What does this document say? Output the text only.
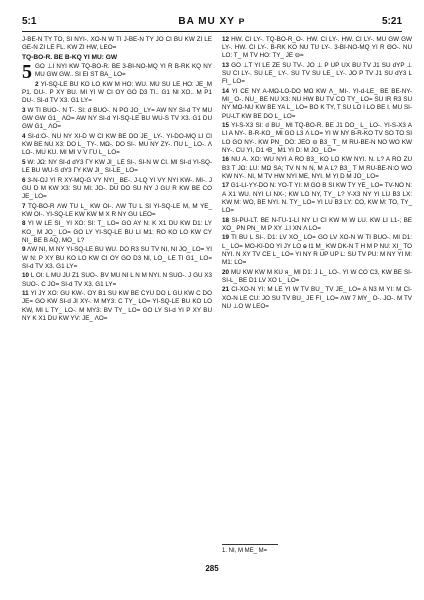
5:1	BA MU XY ᴘ	5:21

J-BE-N TY TO, SI NYI-. XO-N W TI J-BE-N TY JO CI BU KW ZI LE GE-N ZI LE FL. KW ZI HW, LEO=

TQ-BO-R. BE B-KQ YI MU: GW

5 GO ⊥I NYI KW TQ-BO-R. BE 3-BI-NO-MQ YI R B-RK KQ NY MU GW GW.. SI EI ST BA_ LO=

2 YI-SQ-LE BU KO LO KW M HO: WU. MU SU LE HO: JE_M P1. DU-. P XY BU. MI YI W CI OY GO D3 TI.. G1 NI XO.. M P1 DU-. SI-d TV X3. G1 LY=

3 W TI BUO-. N T-. SI: d BUO-. N PO JO_ LY= AW NY SI-d TY MU GW GW G1_ ΛO= AW NY SI-d YI-SQ-LE BU WU-S TV X3. G1 DU GW G1_ ΛO=

4 SI-d:O-. NU NY XI-D W CI KW BE DO JE_ LY-. YI-DO-MQ LI CI KW BE NU X3: DO L_ TY-. MΩ-. DO SI-. MU NY ZY-. ΠU L_ LO-. Λ LO-. MU KU. MI MI V V ΓU L_ LO=

5 W: JΩ: NY SI-d dY3 ΓY KW JI_ LE SI-. SI-N W CI. MI SI-d YI-SQ-LE BU WU-S dY3 ΓY KW JI_ SI-LE_ LO=

6 3-N-OJ YI R XY-MQ-G VY NYI_ BE-. J-LQ YI VY NYI KW-. MI-. J GU D M KW X3: SU MI: JO-. DU DO SU NY J GU R KW BE CO JE_ LO=

7 TQ-BO-R ΛW TU L_ KW OI-. ΛW TU L SI YI-SQ-LE M, M YE_ KW OI-. YI-SQ-LE KW KW M X R NY GU LEO=

8 YI W LE SI_ YI XO: SI: T_ LO= GO AY N: K X1 DU KW D1: LY KO_ M JO_ LO= GO LY YI-SQ-LE BU LI M1: RO KO LO KW CY NI_ BE B AQ, MO_ L?

9 ΛW NI, M NY YI-SQ-LE BU WU. DO R3 SU TV NI, NI JO_ LO= YI W N: P XY BU KO LO KW CI OY GO D3 NI, LO_ LE TI G1_ LO= SI-d TV X3. G1 LY=

10 L OI: L MU JU Z1 SUO-. BV MU NI L N M NYI. N SUO-. J GU X3 SUO-. C JO= SI-d TV X3. G1 LY=

11 YI JY XO: GU KW-. OY B1 SU KW BE CYU DO L GU KW C DO JE= GO KW SI-d JI XY-. M MY3: C TY_ LO= YI-SQ-LE BU KO LO KW, MI L TY_ LO-. M MY3: BV TY_ LO= GO LY SI-d YI P XY BU NY K X1 DU KW YV: JE_ ΛO=

12 HW. CI LY-. TQ-BO-R_O-. HW. CI LY-. HW. CI LY-. MU GW GW LY-. HW. CI LY-. B-RK KO NU TU LY-. 3-BI-NO-MQ YI R ΘO-. NU LO: T_ M TV HO: TY_ JE ⊖=

13 GO ⊥T YI LE ZE SU TV-. JO ⊥ P UP UX BU TV J1 SU dYP ⊥ SU CI LY-. SU LE_ LY-. SU TV SU LE_ LY-. JO P TV J1 SU dY3 L FI_ LO=

14 YI CE NY A-MΩ-LO-DO MΩ KW Λ_ MI-. YI-d-LE_ BE BE-NY-MI_ O-. NU_ BE NU X3: NU HW BU TV CO TY_ LO= SU IR R3 SU NY MΩ-NU KW BE YA L_ LO= BO K TY, T SU LO I LO BE I. MU SI-PU-LT KW BE DO L_ LO=

15 YI-S-X3 SI: d BU_ MI TQ-BO-R. BE J1 DO_ L_ LO-. YI-S-X3 A LI A NY-. B-R-KO_ MI GO L3 Λ LO= YI W NY B-R-KO TV SO TO SI LO GO NY-. KW PN_ DO: JEO ⊖ B3_ T_ M RU-BE-N NO WO KW NY-. CU YI, D1 ⁿB_ M1 YI D: M JO_ LO=

16 NU A. XO: WU NYI A RO B3_ KO LO KW NYI. N. L? A RO ZU B3 T JΩ: LU: MΩ SA; TV N N N, M A L? B3_ T M RU-BE-N:O WO KW NY-. NI, M TV HW NYI ME, NYI. M YI D M JO_ LO=

17 G1-LI-YY-DO N: YO-T YI: M GO B SI KW TY YE_ LO= TV-NO N: A X1 WU. NYI LI NX-; KW LO NY, TY_ L? Y-X3 NY YI LU B3 LX: KW M: WO, BE NYI. N. TY_ LO= YI LU B3 LY: CO, KW M: TO, TY_ LO=

18 SI-PU-LT. BE N-ΓU-1-LI NY LI CI KW M W LU. KW LI L1-; BE XO_ PN PN_ M P XY ⊥I XN Λ LO=

19 TI BU L SI-. D1: LV XO_ LO= GO LV XO-N W TI BUO-. MI D1: L_ LO= MO-KI-DO YI JY LO ⱺ I1 M_ KW DK-N T H M P NU: XI_ TO NYI. N XY TV CE L_ LO= YI NY R UP UP L: SU TV PU: M NY YI M: M1: LO=

20 MU KW KW M KU ᴙ_ MI D1: J L_ LO-. YI W CO C3, KW BE SI-SI-L_ BE D1 LV XO L_ LO=

21 CI-XO-N YI: M LE YI W TV BU_ TV JE_ LO= A N3 M YI: M CI-XO-N LE CU: JO SU TV BU_ JE FI_ LO= ΛW 7 MY_ O-. JO-. M TV NU ⊥O W LEO=

1. NI, M ME_ M=
285
